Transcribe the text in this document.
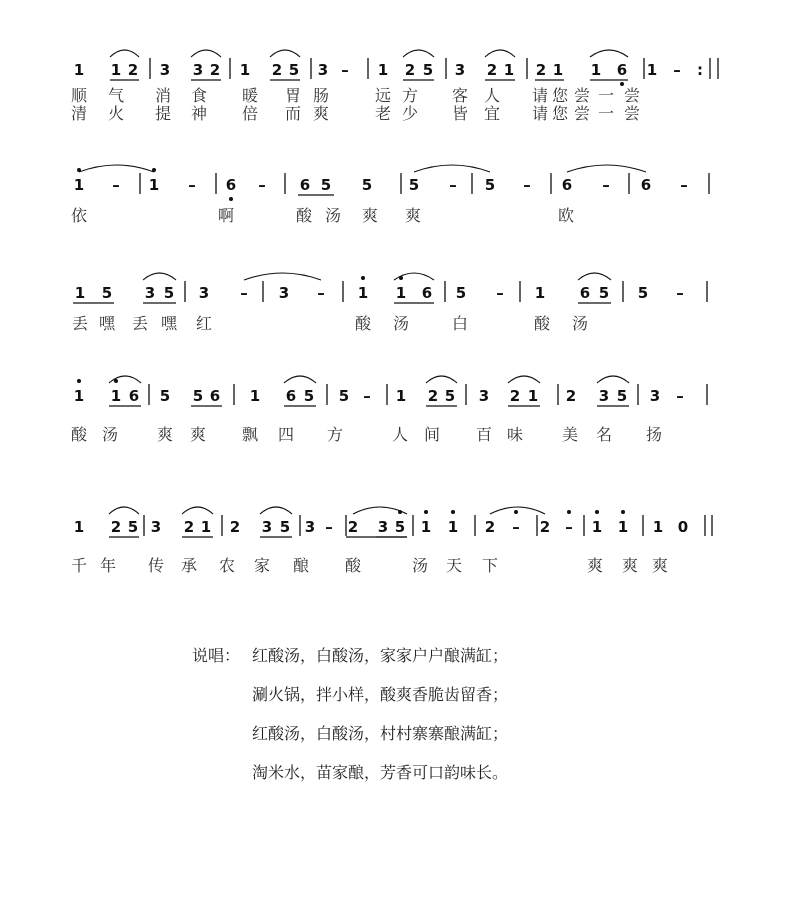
1 1 2 3 3 2 1 2 5 3 – 1 2 5 3 2 1 2 1 1 6 1 – :
顺 气 消 食 暖 胃 肠	远 方 客 人 请 您 尝 一 尝
清 火 提 神 倍 而 爽	老 少 皆 宜 请 您 尝 一 尝
1 – 1 – 6 – 6 5 5 5 – 5 – 6 – 6 –
依	啊	酸 汤 爽 爽	欧
1 5 3 5 3 – 3 – 1 1 6 5 – 1 6 5 5 –
丢 嘿 丢 嘿 红	酸 汤	白	酸 汤
1 1 6 5 5 6 1 6 5 5 – 1 2 5 3 2 1 2 3 5 3 –
酸 汤 爽 爽 飘 四 方	人 间 百 味 美 名 扬
1 2 5 3 2 1 2 3 5 3 – 2 3 5 1 1 2 – 2 – 1 1 1 0
千 年 传 承 农 家 酿 酸	汤 天 下	爽 爽 爽
说唱： 红酸汤，白酸汤，家家户户酿满缸；
涮火锅，拌小样，酸爽香脆齿留香；
红酸汤，白酸汤，村村寨寨酿满缸；
淘米水，苗家酿，芳香可口韵味长。
